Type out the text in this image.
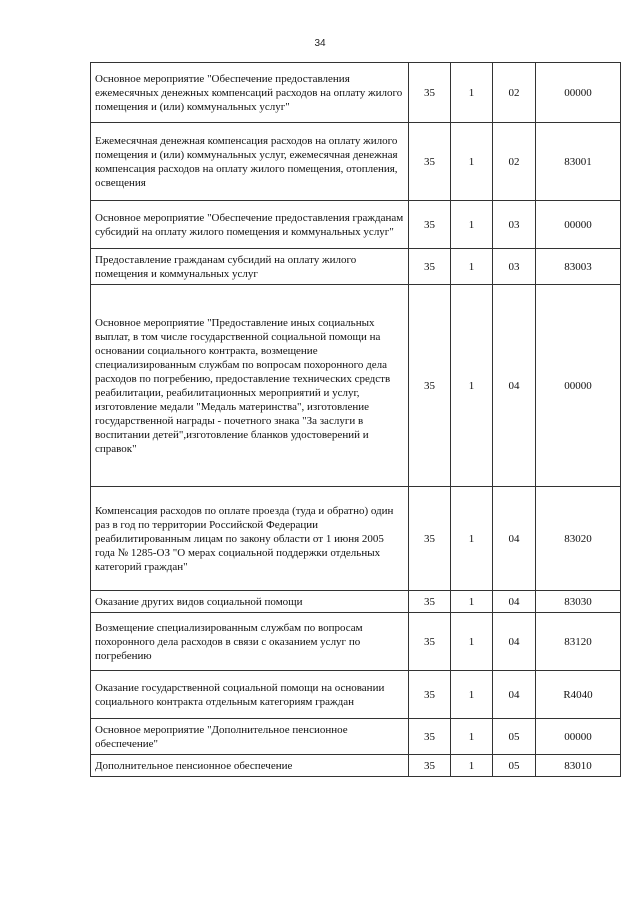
34
Основное мероприятие "Обеспечение предоставления ежемесячных денежных компенсаций расходов на оплату жилого помещения и (или) коммунальных услуг"	35	1	02	00000
Ежемесячная денежная компенсация расходов на оплату жилого помещения и (или) коммунальных услуг, ежемесячная денежная компенсация расходов на оплату жилого помещения, отопления, освещения	35	1	02	83001
Основное мероприятие "Обеспечение предоставления гражданам субсидий на оплату жилого помещения и коммунальных услуг"	35	1	03	00000
Предоставление гражданам субсидий на оплату жилого помещения и коммунальных услуг	35	1	03	83003
Основное мероприятие "Предоставление иных социальных выплат, в том числе государственной социальной помощи на основании социального контракта, возмещение специализированным службам по вопросам похоронного дела расходов по погребению, предоставление технических средств реабилитации, реабилитационных мероприятий и услуг, изготовление медали "Медаль материнства", изготовление государственной награды - почетного знака "За заслуги в воспитании детей",изготовление бланков удостоверений и справок"	35	1	04	00000
Компенсация расходов по оплате проезда (туда и обратно) один раз в год по территории Российской Федерации реабилитированным лицам по закону области от 1 июня 2005 года № 1285-ОЗ "О мерах социальной поддержки отдельных категорий граждан"	35	1	04	83020
Оказание других видов социальной помощи	35	1	04	83030
Возмещение специализированным службам по вопросам похоронного дела расходов в связи с оказанием услуг по погребению	35	1	04	83120
Оказание государственной социальной помощи на основании социального контракта отдельным категориям граждан	35	1	04	R4040
Основное мероприятие "Дополнительное пенсионное обеспечение"	35	1	05	00000
Дополнительное пенсионное обеспечение	35	1	05	83010
